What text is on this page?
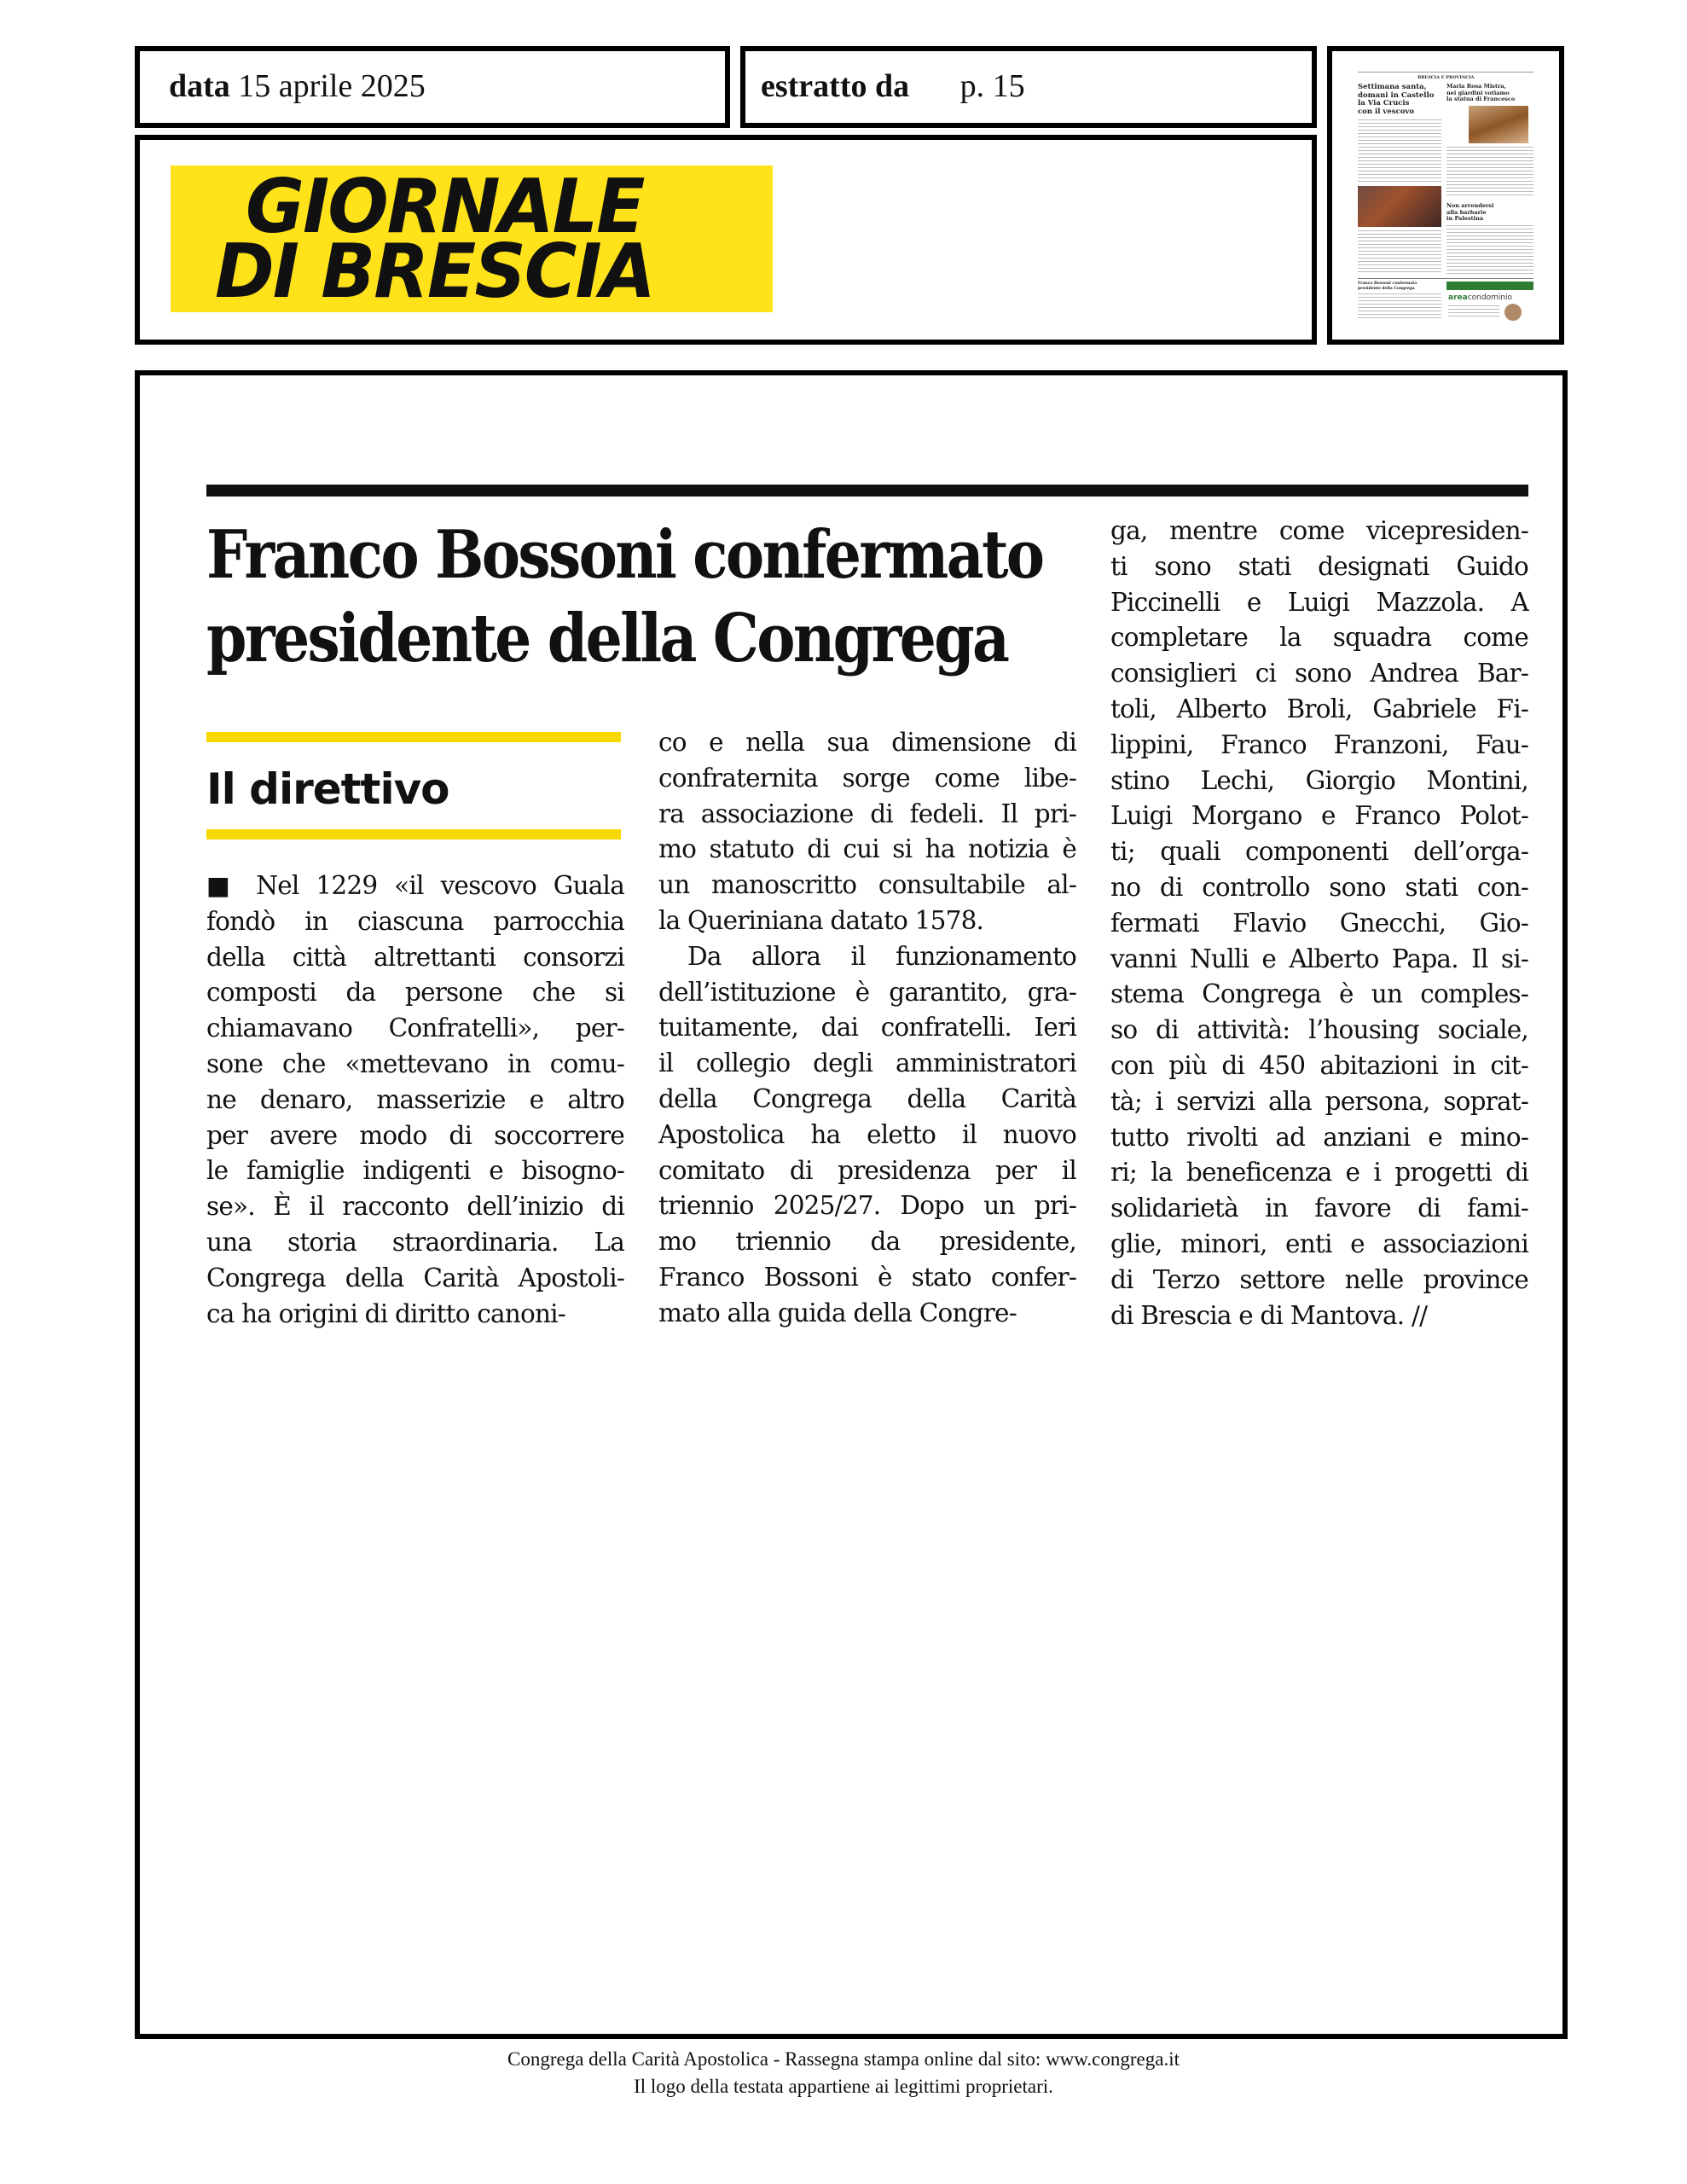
data 15 aprile 2025	estratto da p. 15
GIORNALE
DI BRESCIA
BRESCIA E PROVINCIA
Settimana santa,
domani in Castello
la Via Crucis
con il vescovo
Maria Rosa Mistra,
nei giardini votiamo
la statua di Francesco
Non arrendersi
alla barbarie
in Palestina
Franco Bossoni confermato
presidente della Congrega
areacondominio
Franco Bossoni confermato
presidente della Congrega
Il direttivo
■ Nel 1229 «il vescovo Guala
fondò in ciascuna parrocchia
della città altrettanti consorzi
composti da persone che si
chiamavano Confratelli», per-
sone che «mettevano in comu-
ne denaro, masserizie e altro
per avere modo di soccorrere
le famiglie indigenti e bisogno-
se». È il racconto dell’inizio di
una storia straordinaria. La
Congrega della Carità Apostoli-
ca ha origini di diritto canoni-
co e nella sua dimensione di
confraternita sorge come libe-
ra associazione di fedeli. Il pri-
mo statuto di cui si ha notizia è
un manoscritto consultabile al-
la Queriniana datato 1578.
Da allora il funzionamento
dell’istituzione è garantito, gra-
tuitamente, dai confratelli. Ieri
il collegio degli amministratori
della Congrega della Carità
Apostolica ha eletto il nuovo
comitato di presidenza per il
triennio 2025/27. Dopo un pri-
mo triennio da presidente,
Franco Bossoni è stato confer-
mato alla guida della Congre-
ga, mentre come vicepresiden-
ti sono stati designati Guido
Piccinelli e Luigi Mazzola. A
completare la squadra come
consiglieri ci sono Andrea Bar-
toli, Alberto Broli, Gabriele Fi-
lippini, Franco Franzoni, Fau-
stino Lechi, Giorgio Montini,
Luigi Morgano e Franco Polot-
ti; quali componenti dell’orga-
no di controllo sono stati con-
fermati Flavio Gnecchi, Gio-
vanni Nulli e Alberto Papa. Il si-
stema Congrega è un comples-
so di attività: l’housing sociale,
con più di 450 abitazioni in cit-
tà; i servizi alla persona, soprat-
tutto rivolti ad anziani e mino-
ri; la beneficenza e i progetti di
solidarietà in favore di fami-
glie, minori, enti e associazioni
di Terzo settore nelle province
di Brescia e di Mantova. //
Congrega della Carità Apostolica - Rassegna stampa online dal sito: www.congrega.it
Il logo della testata appartiene ai legittimi proprietari.
